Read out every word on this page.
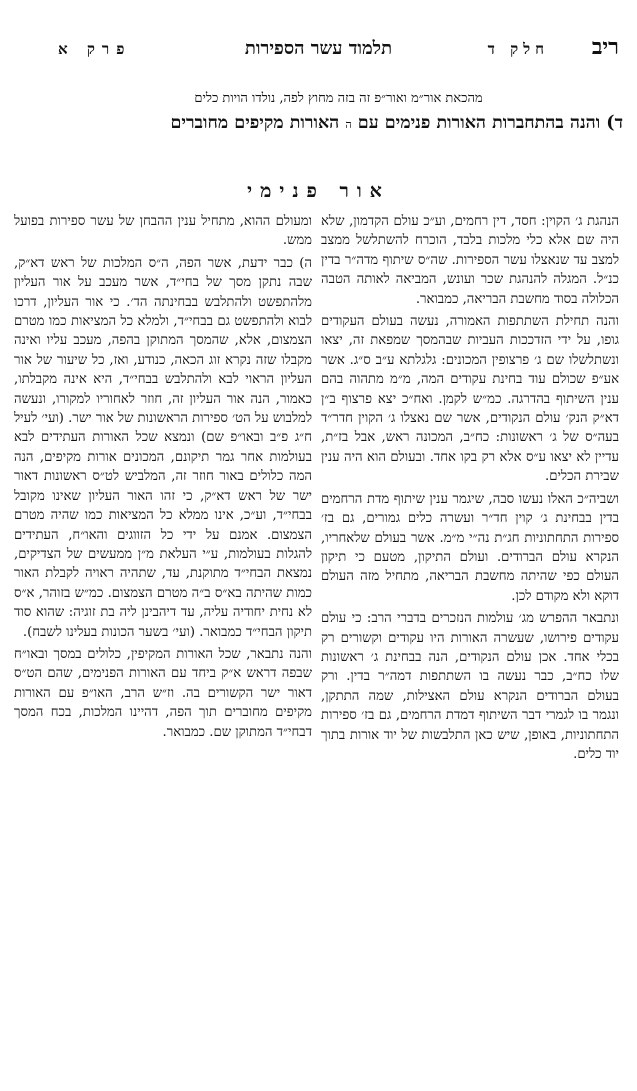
ריב
חלק ד
תלמוד עשר הספירות
פרק א
מהכאת אור״מ ואור״פ זה בזה מחוץ לפה, נולדו הויות כלים
ד) והנה בהתחברות האורות פנימים עם ה האורות מקיפים מחוברים
אור פנימי

הנהגת ג׳ הקוין: חסד, דין רחמים, וע״כ עולם הקדמון, שלא היה שם אלא כלי מלכות בלבד, הוכרח להשתלשל ממצב למצב עד שנאצלו עשר הספירות. שה״ס שיתוף מדה״ר בדין כנ״ל. המגלה להנהגת שכר ועונש, המביאה לאותה הטבה הכלולה בסוד מחשבת הבריאה, כמבואר.

והנה תחילת השתתפות האמורה, נעשה בעולם העקודים גופו, על ידי הזדככות העביות שבהמסך שמפאת זה, יצאו ונשתלשלו שם ג׳ פרצופין המכונים: גלגלתא ע״ב ס״ג. אשר אע״פ שכולם עוד בחינת עקודים המה, מ״מ מתהוה בהם ענין השיתוף בהדרגה. כמ״ש לקמן. ואח״כ יצא פרצוף ב״ן דא״ק הנק׳ עולם הנקודים, אשר שם נאצלו ג׳ הקוין חדר״ד בעה״ס של ג׳ ראשונות: כח״ב, המכונה ראש, אבל בז״ת, עדיין לא יצאו ע״ס אלא רק בקו אחד. ובעולם הוא היה ענין שבירת הכלים.

ושביה״כ האלו נעשו סבה, שיגמר ענין שיתוף מדת הרחמים בדין בבחינת ג׳ קוין חד״ר ועשרה כלים גמורים, גם בז׳ ספירות התחתוניות חג״ת נה״י מ״מ. אשר בעולם שלאחריו, הנקרא עולם הברודים. ועולם התיקון, מטעם כי תיקון העולם כפי שהיתה מחשבת הבריאה, מתחיל מזה העולם דוקא ולא מקודם לכן.

ונתבאר ההפרש מג׳ עולמות הנזכרים בדברי הרב: כי עולם עקודים פירושו, שעשרה האורות היו עקודים וקשורים רק בכלי אחד. אכן עולם הנקודים, הנה בבחינת ג׳ ראשונות שלו כח״ב, כבר נעשה בו השתתפות דמה״ר בדין. ורק בעולם הברודים הנקרא עולם האצילות, שמה התתקן, ונגמר בו לגמרי דבר השיתוף דמדת הרחמים, גם בז׳ ספירות התחתוניות, באופן, שיש כאן התלבשות של יוד אורות בתוך יוד כלים.

ומעולם ההוא, מתחיל ענין ההבחן של עשר ספירות בפועל ממש.

ה) כבר ידעת, אשר הפה, ה״ס המלכות של ראש דא״ק, שבה נתקן מסך של בחי״ד, אשר מעכב על אור העליון מלהתפשט ולהתלבש בבחינתה הד׳. כי אור העליון, דרכו לבוא ולהתפשט גם בבחי״ד, ולמלא כל המציאות כמו מטרם הצמצום, אלא, שהמסך המתוקן בהפה, מעכב עליו ואינה מקבלו שזה נקרא זוג הכאה, כנודע, ואז, כל שיעור של אור העליון הראוי לבא ולהתלבש בבחי״ד, היא אינה מקבלתו, כאמור, הנה אור העליון זה, חוזר לאחוריו למקורו, ונעשה למלבוש על הט׳ ספירות הראשונות של אור ישר. (ועי׳ לעיל ח״ג פ״ב ובאו״פ שם) ונמצא שכל האורות העתידים לבא בעולמות אחר גמר תיקונם, המכונים אורות מקיפים, הנה המה כלולים באור חוזר זה, המלביש לט״ס ראשונות דאור ישר של ראש דא״ק, כי זהו האור העליון שאינו מקובל בבחי״ד, וע״כ, אינו ממלא כל המציאות כמו שהיה מטרם הצמצום. אמנם על ידי כל הזווגים והאו״ח, העתידים להגלות בעולמות, ע״י העלאת מ״ן ממעשים של הצדיקים, נמצאת הבחי״ד מתוקנת, עד, שתהיה ראויה לקבלת האור כמות שהיתה בא״ס ב״ה מטרם הצמצום. כמ״ש בזוהר, א״ס לא נחית יחודיה עליה, עד דיהבינן ליה בת זוגיה: שהוא סוד תיקון הבחי״ד כמבואר. (ועי׳ בשער הכונות בעלינו לשבח).

והנה נתבאר, שכל האורות המקיפין, כלולים במסך ובאו״ח שבפה דראש א״ק ביחד עם האורות הפנימים, שהם הט״ס דאור ישר הקשורים בה. וז״ש הרב, האו״פ עם האורות מקיפים מחוברים תוך הפה, דהיינו המלכות, בכח המסך דבחי״ד המתוקן שם. כמבואר.
